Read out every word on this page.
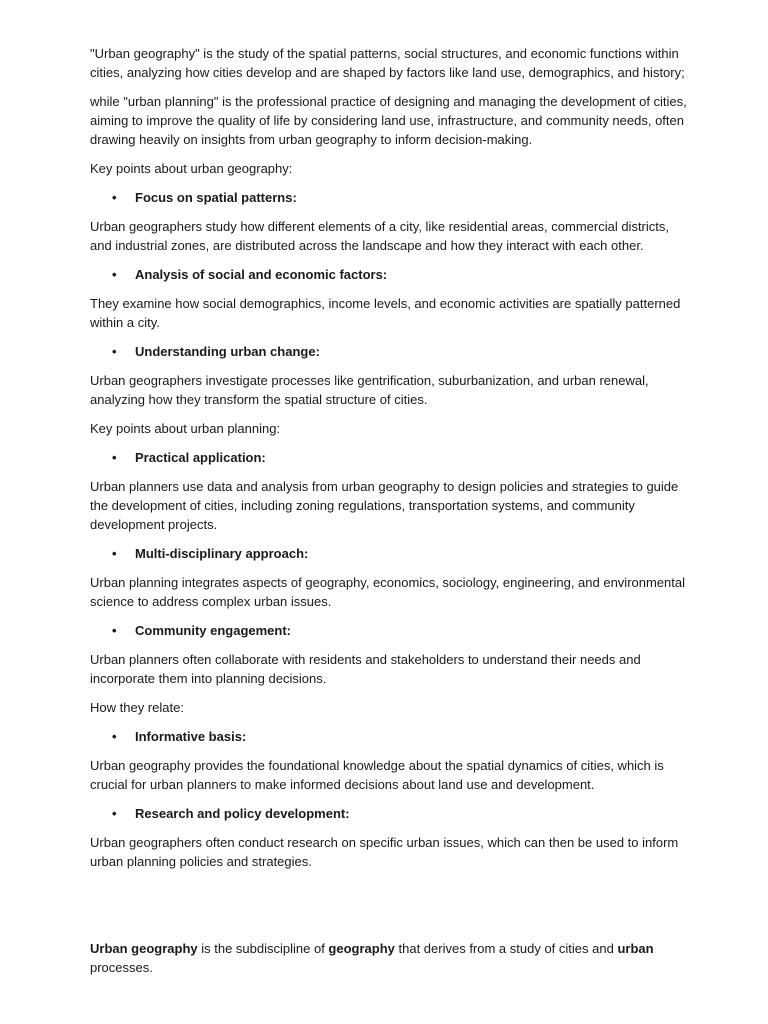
"Urban geography" is the study of the spatial patterns, social structures, and economic functions within cities, analyzing how cities develop and are shaped by factors like land use, demographics, and history;

while "urban planning" is the professional practice of designing and managing the development of cities, aiming to improve the quality of life by considering land use, infrastructure, and community needs, often drawing heavily on insights from urban geography to inform decision-making.

Key points about urban geography:

•	Focus on spatial patterns:

Urban geographers study how different elements of a city, like residential areas, commercial districts, and industrial zones, are distributed across the landscape and how they interact with each other.

•	Analysis of social and economic factors:

They examine how social demographics, income levels, and economic activities are spatially patterned within a city.

•	Understanding urban change:

Urban geographers investigate processes like gentrification, suburbanization, and urban renewal, analyzing how they transform the spatial structure of cities.

Key points about urban planning:

•	Practical application:

Urban planners use data and analysis from urban geography to design policies and strategies to guide the development of cities, including zoning regulations, transportation systems, and community development projects.

•	Multi-disciplinary approach:

Urban planning integrates aspects of geography, economics, sociology, engineering, and environmental science to address complex urban issues.

•	Community engagement:

Urban planners often collaborate with residents and stakeholders to understand their needs and incorporate them into planning decisions.

How they relate:

•	Informative basis:

Urban geography provides the foundational knowledge about the spatial dynamics of cities, which is crucial for urban planners to make informed decisions about land use and development.

•	Research and policy development:

Urban geographers often conduct research on specific urban issues, which can then be used to inform urban planning policies and strategies.

Urban geography is the subdiscipline of geography that derives from a study of cities and urban processes.
